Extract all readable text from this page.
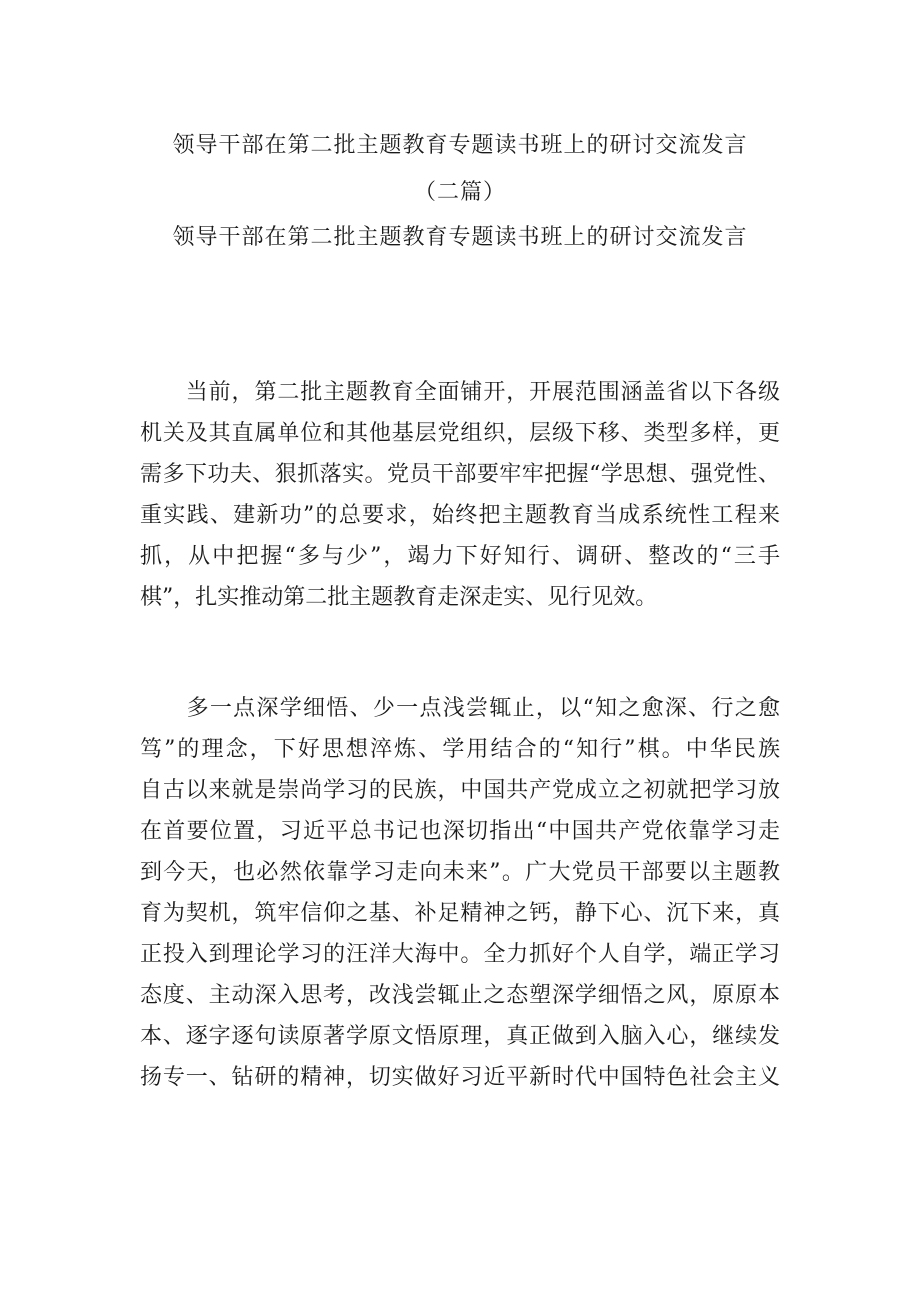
领导干部在第二批主题教育专题读书班上的研讨交流发言
（二篇）
领导干部在第二批主题教育专题读书班上的研讨交流发言

　　当前，第二批主题教育全面铺开，开展范围涵盖省以下各级
机关及其直属单位和其他基层党组织，层级下移、类型多样，更
需多下功夫、狠抓落实。党员干部要牢牢把握“学思想、强党性、
重实践、建新功”的总要求，始终把主题教育当成系统性工程来
抓，从中把握“多与少”，竭力下好知行、调研、整改的“三手
棋”，扎实推动第二批主题教育走深走实、见行见效。

　　多一点深学细悟、少一点浅尝辄止，以“知之愈深、行之愈
笃”的理念，下好思想淬炼、学用结合的“知行”棋。中华民族
自古以来就是崇尚学习的民族，中国共产党成立之初就把学习放
在首要位置，习近平总书记也深切指出“中国共产党依靠学习走
到今天，也必然依靠学习走向未来”。广大党员干部要以主题教
育为契机，筑牢信仰之基、补足精神之钙，静下心、沉下来，真
正投入到理论学习的汪洋大海中。全力抓好个人自学，端正学习
态度、主动深入思考，改浅尝辄止之态塑深学细悟之风，原原本
本、逐字逐句读原著学原文悟原理，真正做到入脑入心，继续发
扬专一、钻研的精神，切实做好习近平新时代中国特色社会主义
